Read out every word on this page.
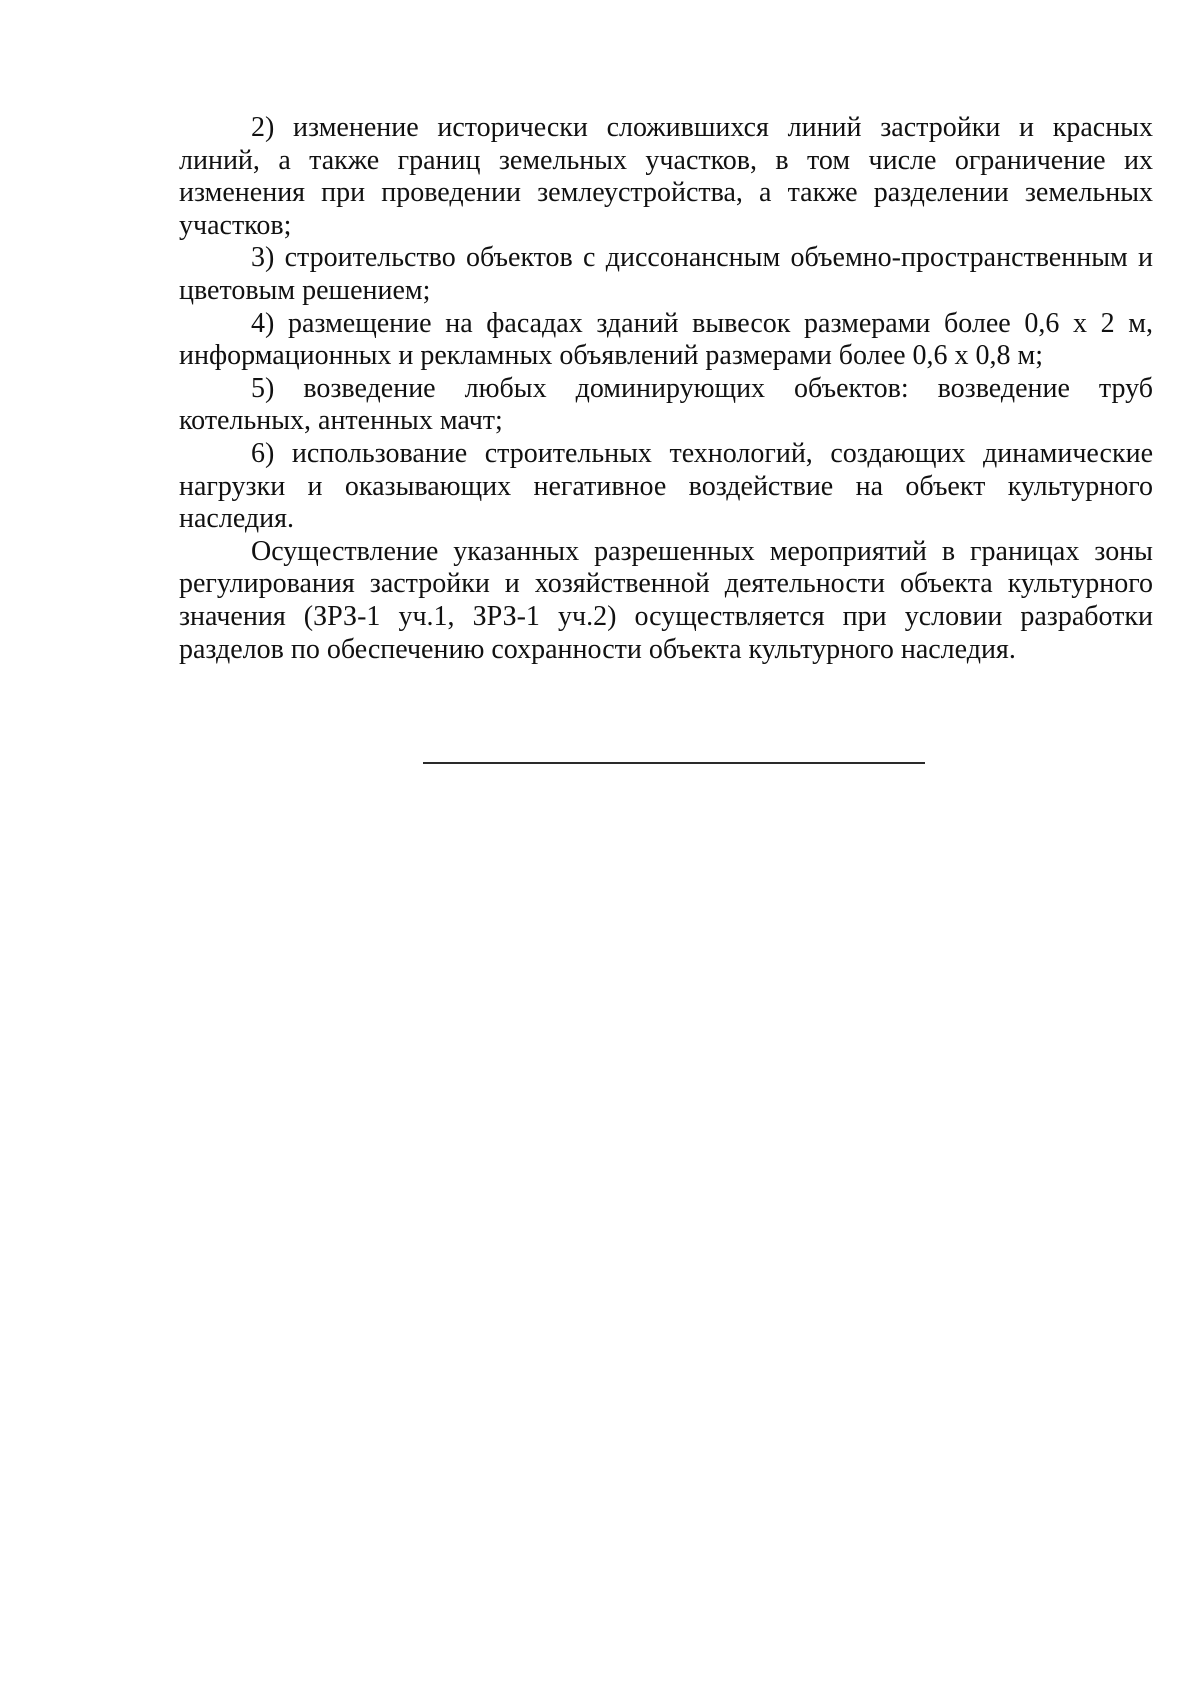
2) изменение исторически сложившихся линий застройки и красных линий, а также границ земельных участков, в том числе ограничение их изменения при проведении землеустройства, а также разделении земельных участков;

3) строительство объектов с диссонансным объемно-пространственным и цветовым решением;

4) размещение на фасадах зданий вывесок размерами более 0,6 х 2 м, информационных и рекламных объявлений размерами более 0,6 х 0,8 м;

5) возведение любых доминирующих объектов: возведение труб котельных, антенных мачт;

6) использование строительных технологий, создающих динамические нагрузки и оказывающих негативное воздействие на объект культурного наследия.

Осуществление указанных разрешенных мероприятий в границах зоны регулирования застройки и хозяйственной деятельности объекта культурного значения (ЗРЗ-1 уч.1, ЗРЗ-1 уч.2) осуществляется при условии разработки разделов по обеспечению сохранности объекта культурного наследия.
